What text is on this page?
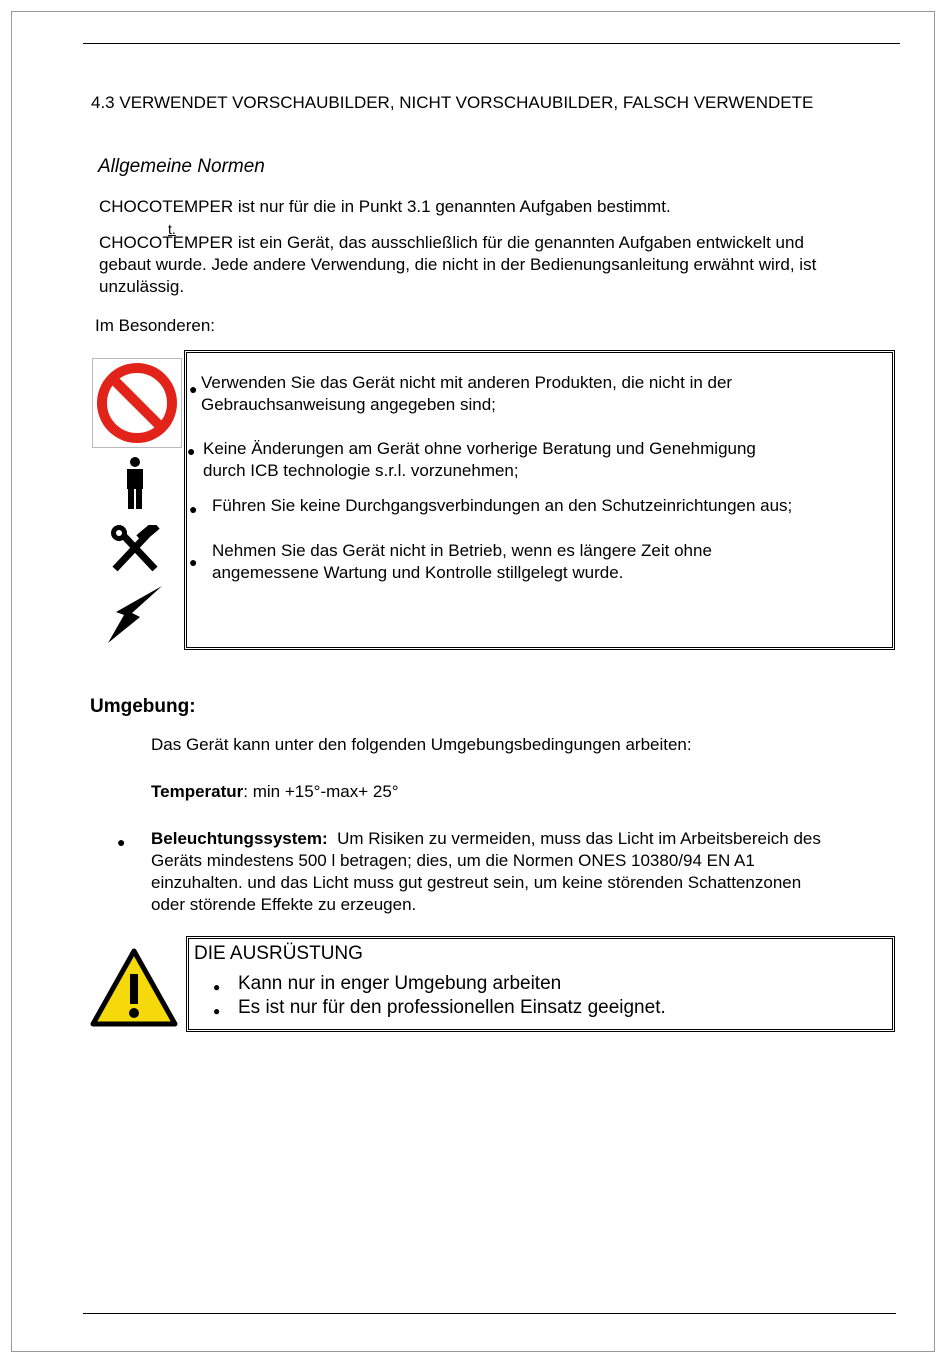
4.3 VERWENDET VORSCHAUBILDER, NICHT VORSCHAUBILDER, FALSCH VERWENDETE
Allgemeine Normen
CHOCOTEMPER ist nur für die in Punkt 3.1 genannten Aufgaben bestimmt.
t.
CHOCOTEMPER ist ein Gerät, das ausschließlich für die genannten Aufgaben entwickelt und
gebaut wurde. Jede andere Verwendung, die nicht in der Bedienungsanleitung erwähnt wird, ist
unzulässig.
Im Besonderen:
● Verwenden Sie das Gerät nicht mit anderen Produkten, die nicht in der
Gebrauchsanweisung angegeben sind;
● Keine Änderungen am Gerät ohne vorherige Beratung und Genehmigung
durch ICB technologie s.r.l. vorzunehmen;
● Führen Sie keine Durchgangsverbindungen an den Schutzeinrichtungen aus;
●
Nehmen Sie das Gerät nicht in Betrieb, wenn es längere Zeit ohne
angemessene Wartung und Kontrolle stillgelegt wurde.
Umgebung:
Das Gerät kann unter den folgenden Umgebungsbedingungen arbeiten:
Temperatur: min +15°-max+ 25°
● Beleuchtungssystem: Um Risiken zu vermeiden, muss das Licht im Arbeitsbereich des
Geräts mindestens 500 l betragen; dies, um die Normen ONES 10380/94 EN A1
einzuhalten. und das Licht muss gut gestreut sein, um keine störenden Schattenzonen
oder störende Effekte zu erzeugen.
DIE AUSRÜSTUNG
● Kann nur in enger Umgebung arbeiten
● Es ist nur für den professionellen Einsatz geeignet.
